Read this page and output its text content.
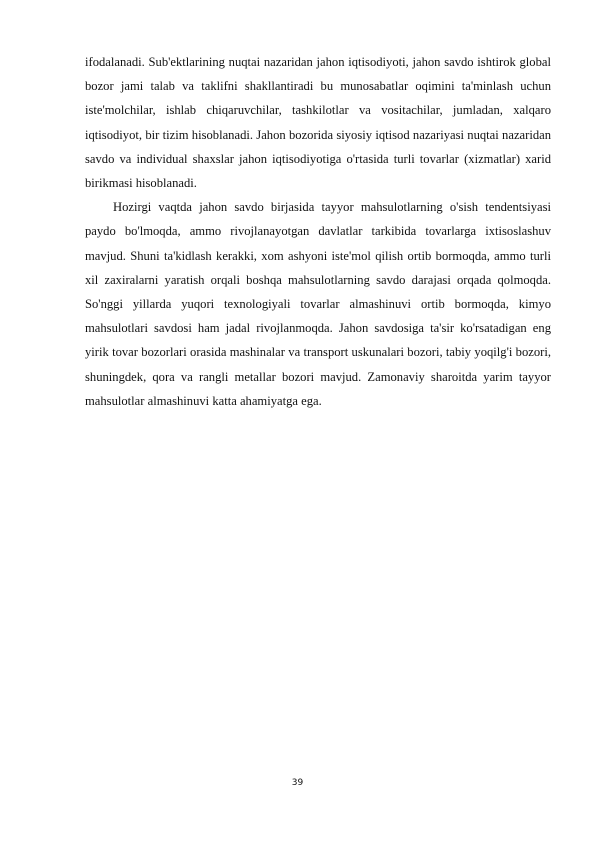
ifodalanadi. Sub'ektlarining nuqtai nazaridan jahon iqtisodiyoti, jahon savdo ishtirok global bozor jami talab va taklifni shakllantiradi bu munosabatlar oqimini ta'minlash uchun iste'molchilar, ishlab chiqaruvchilar, tashkilotlar va vositachilar, jumladan, xalqaro iqtisodiyot, bir tizim hisoblanadi. Jahon bozorida siyosiy iqtisod nazariyasi nuqtai nazaridan savdo va individual shaxslar jahon iqtisodiyotiga o'rtasida turli tovarlar (xizmatlar) xarid birikmasi hisoblanadi.

Hozirgi vaqtda jahon savdo birjasida tayyor mahsulotlarning o'sish tendentsiyasi paydo bo'lmoqda, ammo rivojlanayotgan davlatlar tarkibida tovarlarga ixtisoslashuv mavjud. Shuni ta'kidlash kerakki, xom ashyoni iste'mol qilish ortib bormoqda, ammo turli xil zaxiralarni yaratish orqali boshqa mahsulotlarning savdo darajasi orqada qolmoqda. So'nggi yillarda yuqori texnologiyali tovarlar almashinuvi ortib bormoqda, kimyo mahsulotlari savdosi ham jadal rivojlanmoqda. Jahon savdosiga ta'sir ko'rsatadigan eng yirik tovar bozorlari orasida mashinalar va transport uskunalari bozori, tabiy yoqilg'i bozori, shuningdek, qora va rangli metallar bozori mavjud. Zamonaviy sharoitda yarim tayyor mahsulotlar almashinuvi katta ahamiyatga ega.

39
